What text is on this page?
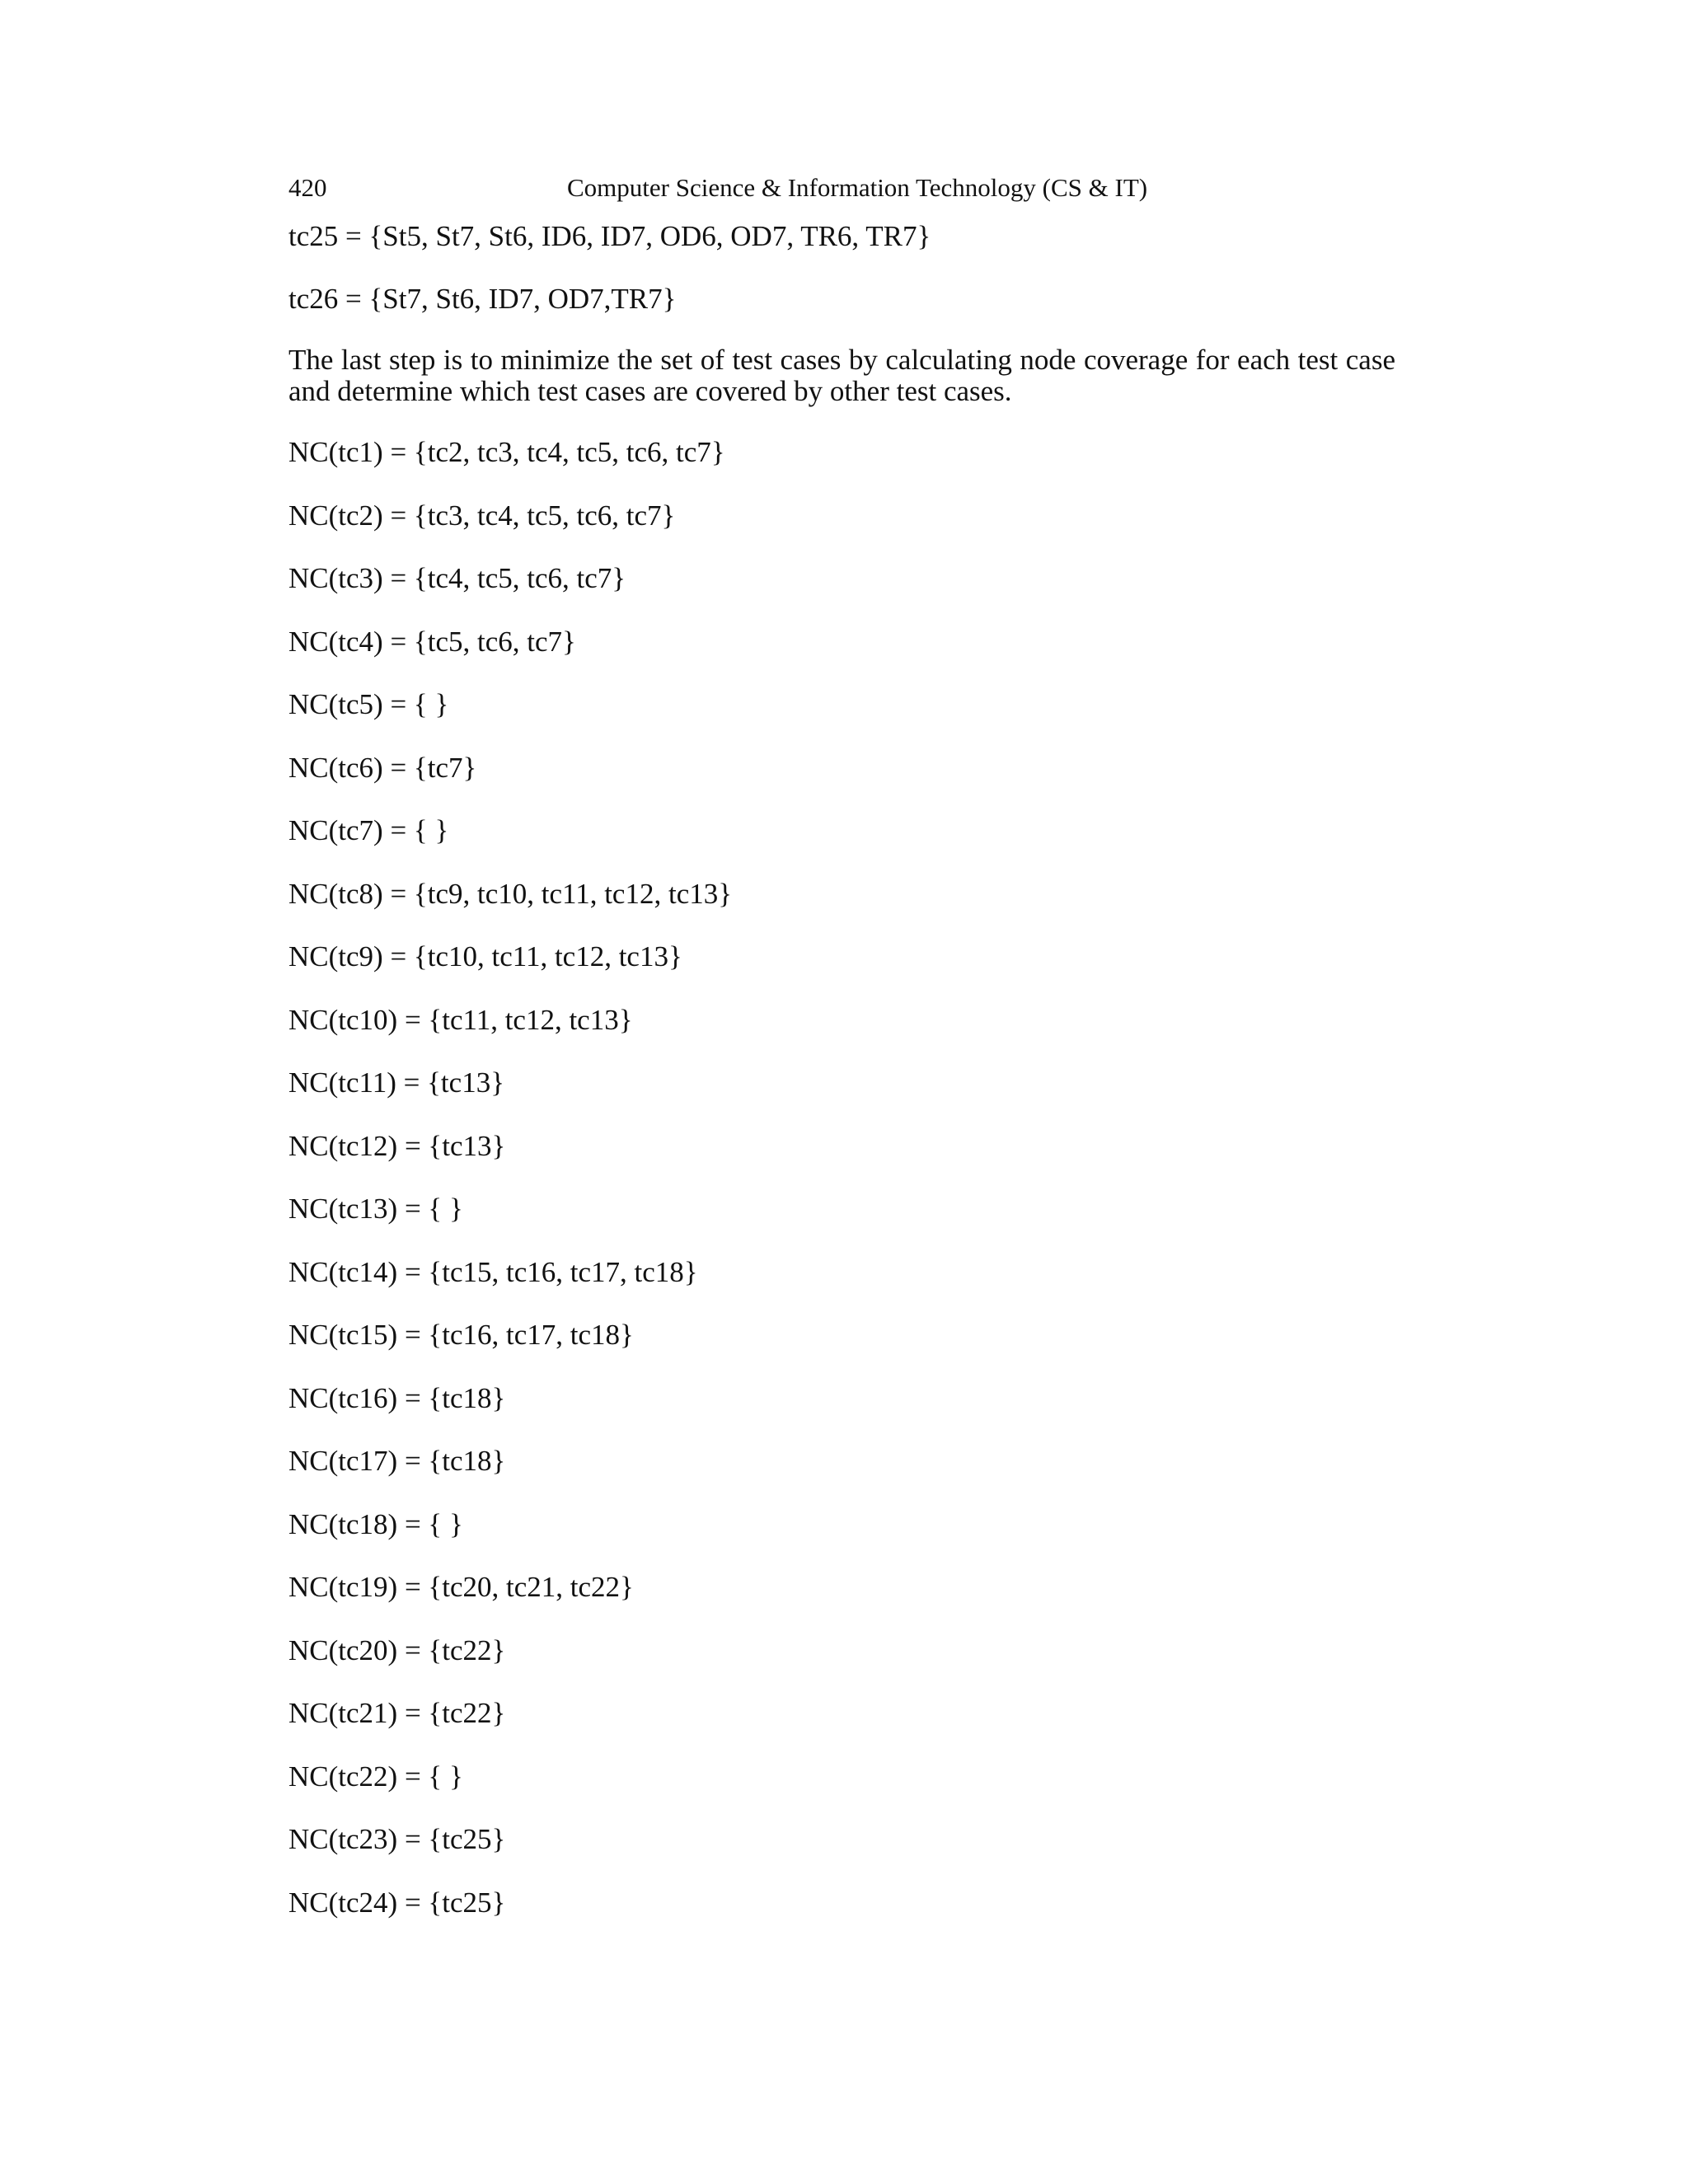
420	Computer Science & Information Technology (CS & IT)
tc25 = {St5, St7, St6, ID6, ID7, OD6, OD7, TR6, TR7}
tc26 = {St7, St6, ID7, OD7,TR7}
The last step is to minimize the set of test cases by calculating node coverage for each test case and determine which test cases are covered by other test cases.
NC(tc1) = {tc2, tc3, tc4, tc5, tc6, tc7}
NC(tc2) = {tc3, tc4, tc5, tc6, tc7}
NC(tc3) = {tc4, tc5, tc6, tc7}
NC(tc4) = {tc5, tc6, tc7}
NC(tc5) = { }
NC(tc6) = {tc7}
NC(tc7) = { }
NC(tc8) = {tc9, tc10, tc11, tc12, tc13}
NC(tc9) = {tc10, tc11, tc12, tc13}
NC(tc10) = {tc11, tc12, tc13}
NC(tc11) = {tc13}
NC(tc12) = {tc13}
NC(tc13) = { }
NC(tc14) = {tc15, tc16, tc17, tc18}
NC(tc15) = {tc16, tc17, tc18}
NC(tc16) = {tc18}
NC(tc17) = {tc18}
NC(tc18) = { }
NC(tc19) = {tc20, tc21, tc22}
NC(tc20) = {tc22}
NC(tc21) = {tc22}
NC(tc22) = { }
NC(tc23) = {tc25}
NC(tc24) = {tc25}
